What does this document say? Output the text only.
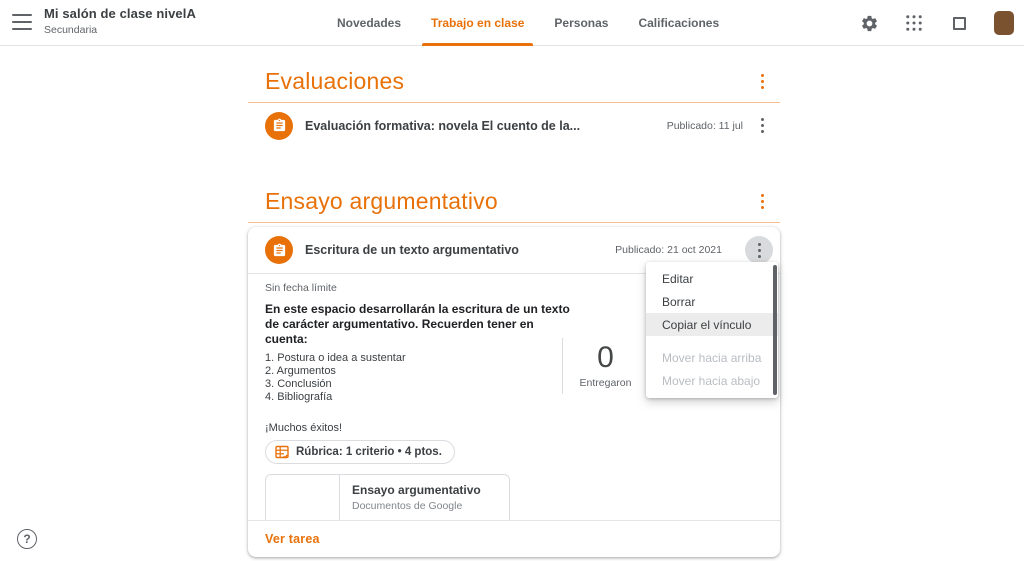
Mi salón de clase nivelA
Secundaria	Novedades	Trabajo en clase	Personas	Calificaciones
Evaluaciones
Evaluación formativa: novela El cuento de la...	Publicado: 11 jul
Ensayo argumentativo
Escritura de un texto argumentativo	Publicado: 21 oct 2021
Sin fecha límite
En este espacio desarrollarán la escritura de un texto de carácter argumentativo. Recuerden tener en cuenta:
1. Postura o idea a sustentar
2. Argumentos
3. Conclusión
4. Bibliografía
¡Muchos éxitos!
Rúbrica: 1 criterio • 4 ptos.
Ensayo argumentativo
Documentos de Google
0
Entregaron
Ver tarea
Editar
Borrar
Copiar el vínculo
Mover hacia arriba
Mover hacia abajo
?
